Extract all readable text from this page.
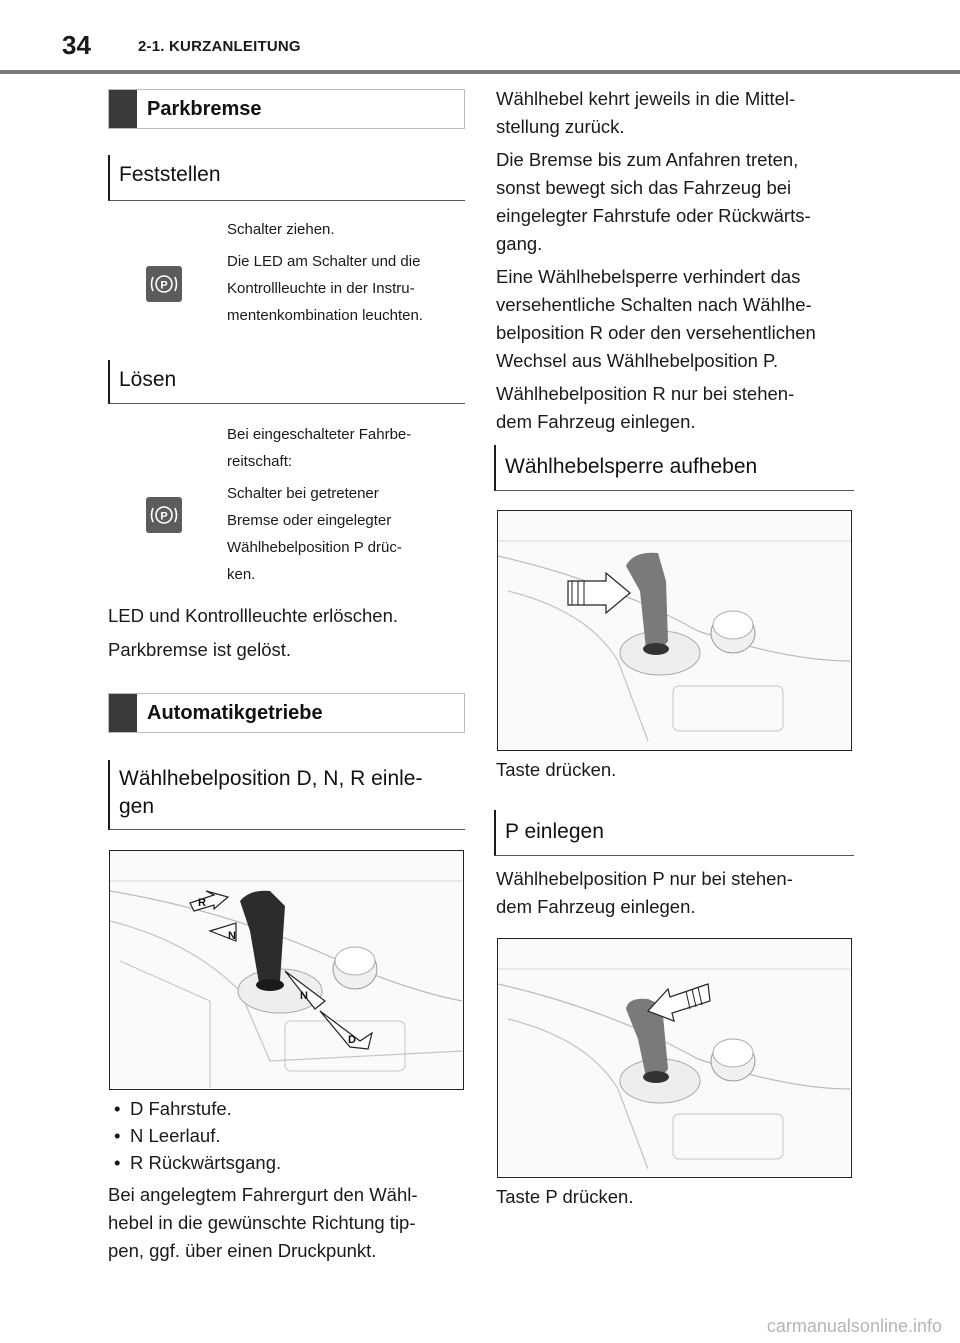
34	2-1. KURZANLEITUNG
Parkbremse
Feststellen
P
Schalter ziehen.
Die LED am Schalter und die
Kontrollleuchte in der Instru-
mentenkombination leuchten.
Lösen
P
Bei eingeschalteter Fahrbe-
reitschaft:
Schalter bei getretener
Bremse oder eingelegter
Wählhebelposition P drüc-
ken.
LED und Kontrollleuchte erlöschen.
Parkbremse ist gelöst.
Automatikgetriebe
Wählhebelposition D, N, R einle-
gen
R
N
N
D
• D Fahrstufe.
• N Leerlauf.
• R Rückwärtsgang.
Bei angelegtem Fahrergurt den Wähl-
hebel in die gewünschte Richtung tip-
pen, ggf. über einen Druckpunkt.
Wählhebel kehrt jeweils in die Mittel-
stellung zurück.
Die Bremse bis zum Anfahren treten,
sonst bewegt sich das Fahrzeug bei
eingelegter Fahrstufe oder Rückwärts-
gang.
Eine Wählhebelsperre verhindert das
versehentliche Schalten nach Wählhe-
belposition R oder den versehentlichen
Wechsel aus Wählhebelposition P.
Wählhebelposition R nur bei stehen-
dem Fahrzeug einlegen.
Wählhebelsperre aufheben
Taste drücken.
P einlegen
Wählhebelposition P nur bei stehen-
dem Fahrzeug einlegen.
Taste P drücken.
carmanualsonline.info
